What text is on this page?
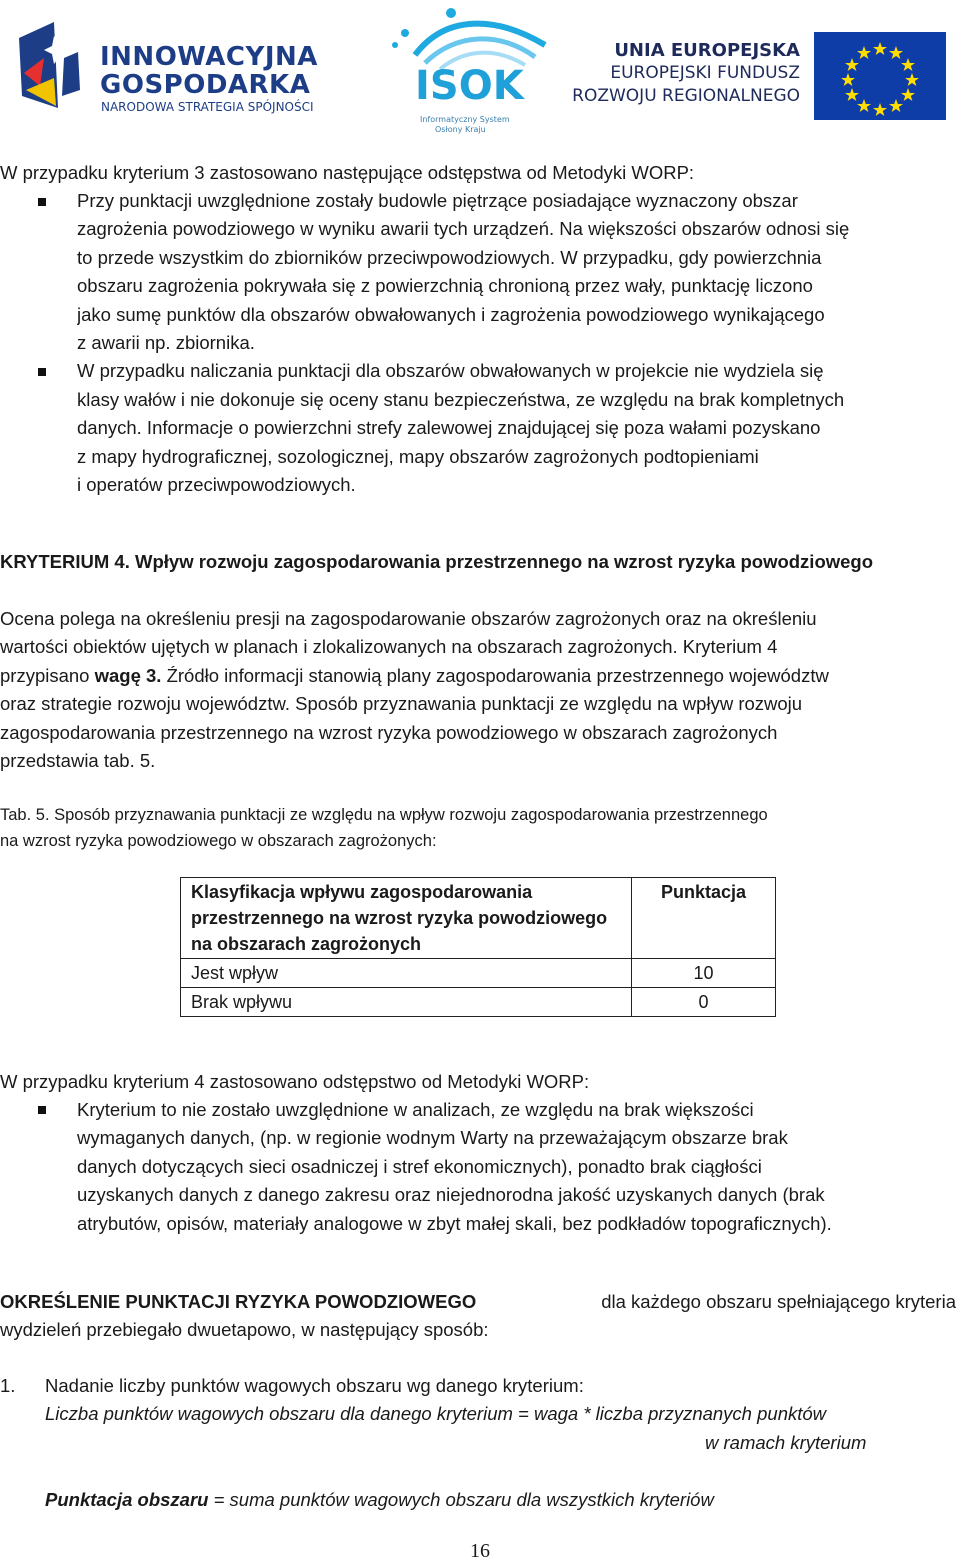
INNOWACYJNA
GOSPODARKA
NARODOWA STRATEGIA SPÓJNOŚCI	ISOK
Informatyczny System
Osłony Kraju
UNIA EUROPEJSKA
EUROPEJSKI FUNDUSZ
ROZWOJU REGIONALNEGO
W przypadku kryterium 3 zastosowano następujące odstępstwa od Metodyki WORP:
Przy punktacji uwzględnione zostały budowle piętrzące posiadające wyznaczony obszar
zagrożenia powodziowego w wyniku awarii tych urządzeń. Na większości obszarów odnosi się
to przede wszystkim do zbiorników przeciwpowodziowych. W przypadku, gdy powierzchnia
obszaru zagrożenia pokrywała się z powierzchnią chronioną przez wały, punktację liczono
jako sumę punktów dla obszarów obwałowanych i zagrożenia powodziowego wynikającego
z awarii np. zbiornika.
W przypadku naliczania punktacji dla obszarów obwałowanych w projekcie nie wydziela się
klasy wałów i nie dokonuje się oceny stanu bezpieczeństwa, ze względu na brak kompletnych
danych. Informacje o powierzchni strefy zalewowej znajdującej się poza wałami pozyskano
z mapy hydrograficznej, sozologicznej, mapy obszarów zagrożonych podtopieniami
i operatów przeciwpowodziowych.
KRYTERIUM 4. Wpływ rozwoju zagospodarowania przestrzennego na wzrost ryzyka powodziowego
Ocena polega na określeniu presji na zagospodarowanie obszarów zagrożonych oraz na określeniu
wartości obiektów ujętych w planach i zlokalizowanych na obszarach zagrożonych. Kryterium 4
przypisano wagę 3. Źródło informacji stanowią plany zagospodarowania przestrzennego województw
oraz strategie rozwoju województw. Sposób przyznawania punktacji ze względu na wpływ rozwoju
zagospodarowania przestrzennego na wzrost ryzyka powodziowego w obszarach zagrożonych
przedstawia tab. 5.
Tab. 5. Sposób przyznawania punktacji ze względu na wpływ rozwoju zagospodarowania przestrzennego
na wzrost ryzyka powodziowego w obszarach zagrożonych:
Klasyfikacja wpływu zagospodarowania przestrzennego na wzrost ryzyka powodziowego na obszarach zagrożonych	Punktacja
Jest wpływ	10
Brak wpływu	0
W przypadku kryterium 4 zastosowano odstępstwo od Metodyki WORP:
Kryterium to nie zostało uwzględnione w analizach, ze względu na brak większości
wymaganych danych, (np. w regionie wodnym Warty na przeważającym obszarze brak
danych dotyczących sieci osadniczej i stref ekonomicznych), ponadto brak ciągłości
uzyskanych danych z danego zakresu oraz niejednorodna jakość uzyskanych danych (brak
atrybutów, opisów, materiały analogowe w zbyt małej skali, bez podkładów topograficznych).
OKREŚLENIE PUNKTACJI RYZYKA POWODZIOWEGO	dla każdego obszaru spełniającego kryteria
wydzieleń przebiegało dwuetapowo, w następujący sposób:
1. Nadanie liczby punktów wagowych obszaru wg danego kryterium:
Liczba punktów wagowych obszaru dla danego kryterium = waga * liczba przyznanych punktów
w ramach kryterium
Punktacja obszaru = suma punktów wagowych obszaru dla wszystkich kryteriów
16
